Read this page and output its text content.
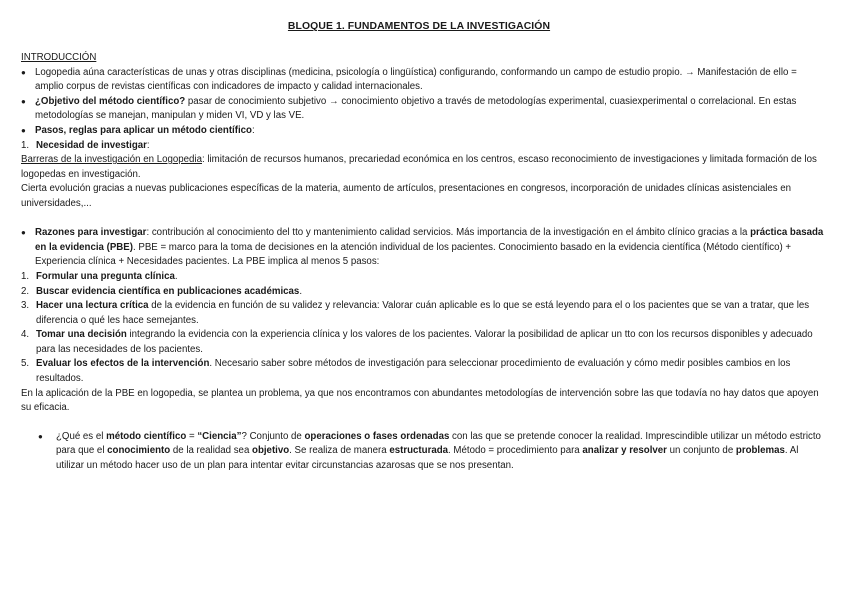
BLOQUE 1. FUNDAMENTOS DE LA INVESTIGACIÓN
INTRODUCCIÓN
● Logopedia aúna características de unas y otras disciplinas (medicina, psicología o lingüística) configurando, conformando un campo de estudio propio. → Manifestación de ello = amplio corpus de revistas científicas con indicadores de impacto y calidad internacionales.
● ¿Objetivo del método científico? pasar de conocimiento subjetivo → conocimiento objetivo a través de metodologías experimental, cuasiexperimental o correlacional. En estas metodologías se manejan, manipulan y miden VI, VD y las VE.
● Pasos, reglas para aplicar un método científico:
1. Necesidad de investigar:
Barreras de la investigación en Logopedia: limitación de recursos humanos, precariedad económica en los centros, escaso reconocimiento de investigaciones y limitada formación de los logopedas en investigación.
Cierta evolución gracias a nuevas publicaciones específicas de la materia, aumento de artículos, presentaciones en congresos, incorporación de unidades clínicas asistenciales en universidades,...
● Razones para investigar: contribución al conocimiento del tto y mantenimiento calidad servicios. Más importancia de la investigación en el ámbito clínico gracias a la práctica basada en la evidencia (PBE). PBE = marco para la toma de decisiones en la atención individual de los pacientes. Conocimiento basado en la evidencia científica (Método científico) + Experiencia clínica + Necesidades pacientes. La PBE implica al menos 5 pasos:
1. Formular una pregunta clínica.
2. Buscar evidencia científica en publicaciones académicas.
3. Hacer una lectura crítica de la evidencia en función de su validez y relevancia: Valorar cuán aplicable es lo que se está leyendo para el o los pacientes que se van a tratar, que les diferencia o qué les hace semejantes.
4. Tomar una decisión integrando la evidencia con la experiencia clínica y los valores de los pacientes. Valorar la posibilidad de aplicar un tto con los recursos disponibles y adecuado para las necesidades de los pacientes.
5. Evaluar los efectos de la intervención. Necesario saber sobre métodos de investigación para seleccionar procedimiento de evaluación y cómo medir posibles cambios en los resultados.
En la aplicación de la PBE en logopedia, se plantea un problema, ya que nos encontramos con abundantes metodologías de intervención sobre las que todavía no hay datos que apoyen su eficacia.
● ¿Qué es el método científico = “Ciencia”? Conjunto de operaciones o fases ordenadas con las que se pretende conocer la realidad. Imprescindible utilizar un método estricto para que el conocimiento de la realidad sea objetivo. Se realiza de manera estructurada. Método = procedimiento para analizar y resolver un conjunto de problemas. Al utilizar un método hacer uso de un plan para intentar evitar circunstancias azarosas que se nos presentan.
